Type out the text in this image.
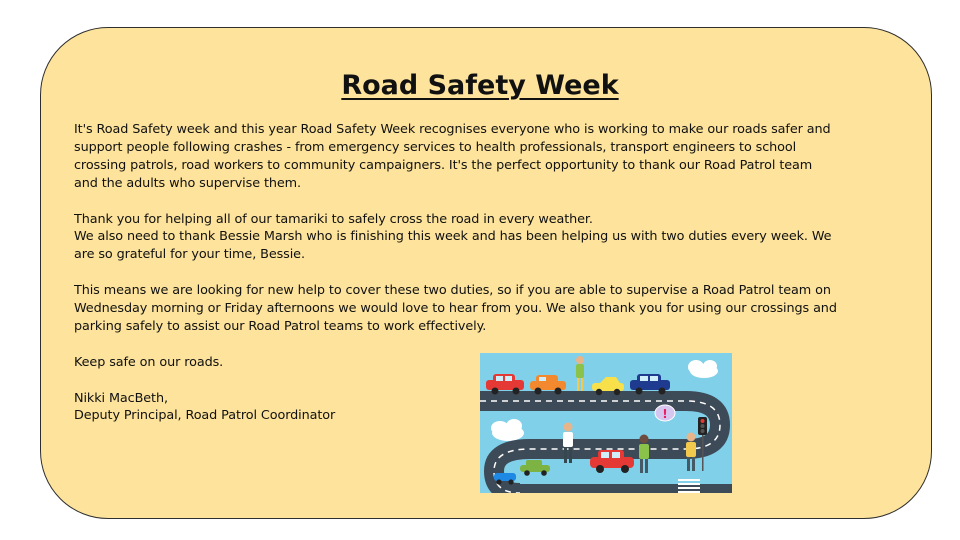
Road Safety Week

It's Road Safety week and this year Road Safety Week recognises everyone who is working to make our roads safer and
support people following crashes - from emergency services to health professionals, transport engineers to school
crossing patrols, road workers to community campaigners. It's the perfect opportunity to thank our Road Patrol team
and the adults who supervise them.

Thank you for helping all of our tamariki to safely cross the road in every weather.
We also need to thank Bessie Marsh who is finishing this week and has been helping us with two duties every week. We
are so grateful for your time, Bessie.

This means we are looking for new help to cover these two duties, so if you are able to supervise a Road Patrol team on
Wednesday morning or Friday afternoons we would love to hear from you. We also thank you for using our crossings and
parking safely to assist our Road Patrol teams to work effectively.

Keep safe on our roads.

Nikki MacBeth,
Deputy Principal, Road Patrol Coordinator	!
